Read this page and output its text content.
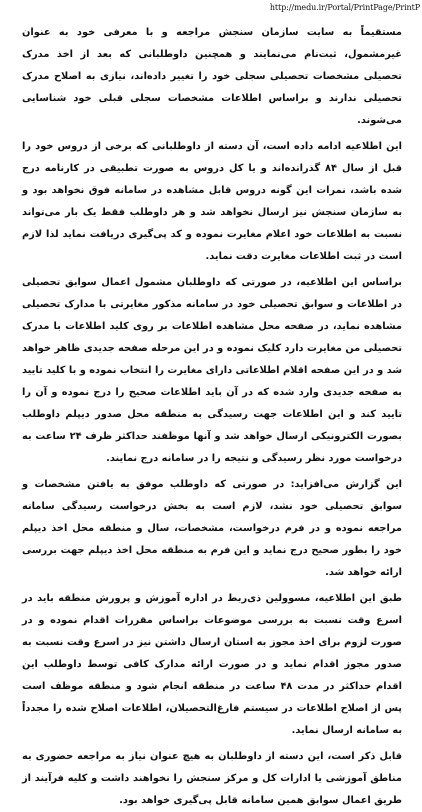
http://medu.ir/Portal/PrintPage/PrintP

مستقیماً به سایت سازمان سنجش مراجعه و با معرفی خود به عنوان غیرمشمول، ثبت‌نام می‌نمایند و همچنین داوطلبانی که بعد از اخذ مدرک تحصیلی مشخصات تحصیلی سجلی خود را تغییر داده‌اند، نیازی به اصلاح مدرک تحصیلی ندارند و براساس اطلاعات مشخصات سجلی قبلی خود شناسایی می‌شوند.

این اطلاعیه ادامه داده است، آن دسته از داوطلبانی که برخی از دروس خود را قبل از سال ۸۴ گذرانده‌اند و یا کل دروس به صورت تطبیقی در کارنامه درج شده باشد، نمرات این گونه دروس قابل مشاهده در سامانه فوق نخواهد بود و به سازمان سنجش نیز ارسال نخواهد شد و هر داوطلب فقط یک بار می‌تواند نسبت به اطلاعات خود اعلام مغایرت نموده و کد پی‌گیری دریافت نماید لذا لازم است در ثبت اطلاعات مغایرت دقت نماید.

براساس این اطلاعیه، در صورتی که داوطلبان مشمول اعمال سوابق تحصیلی در اطلاعات و سوابق تحصیلی خود در سامانه مذکور مغایرتی با مدارک تحصیلی مشاهده نماید، در صفحه محل مشاهده اطلاعات بر روی کلید اطلاعات با مدرک تحصیلی من مغایرت دارد کلیک نموده و در این مرحله صفحه جدیدی ظاهر خواهد شد و در این صفحه اقلام اطلاعاتی دارای مغایرت را انتخاب نموده و با کلید تایید به صفحه جدیدی وارد شده که در آن باید اطلاعات صحیح را درج نموده و آن را تایید کند و این اطلاعات جهت رسیدگی به منطقه محل صدور دیپلم داوطلب بصورت الکترونیکی ارسال خواهد شد و آنها موظفند حداکثر ظرف ۲۴ ساعت به درخواست مورد نظر رسیدگی و نتیجه را در سامانه درج نمایند.

این گزارش می‌افزاید: در صورتی که داوطلب موفق به یافتن مشخصات و سوابق تحصیلی خود نشد، لازم است به بخش درخواست رسیدگی سامانه مراجعه نموده و در فرم درخواست، مشخصات، سال و منطقه محل اخذ دیپلم خود را بطور صحیح درج نماید و این فرم به منطقه محل اخذ دیپلم جهت بررسی ارائه خواهد شد.

طبق این اطلاعیه، مسوولین ذی‌ربط در اداره آموزش و پرورش منطقه باید در اسرع وقت نسبت به بررسی موضوعات براساس مقررات اقدام نموده و در صورت لزوم برای اخذ مجوز به استان ارسال داشتن نیز در اسرع وقت نسبت به صدور مجوز اقدام نماید و در صورت ارائه مدارک کافی توسط داوطلب این اقدام حداکثر در مدت ۴۸ ساعت در منطقه انجام شود و منطقه موظف است پس از اصلاح اطلاعات در سیستم فارغ‌التحصیلان، اطلاعات اصلاح شده را مجدداً به سامانه ارسال نماید.

قابل ذکر است، این دسته از داوطلبان به هیچ عنوان نیاز به مراجعه حضوری به مناطق آموزشی یا ادارات کل و مرکز سنجش را نخواهند داشت و کلیه فرآیند از طریق اعمال سوابق همین سامانه قابل پی‌گیری خواهد بود.
